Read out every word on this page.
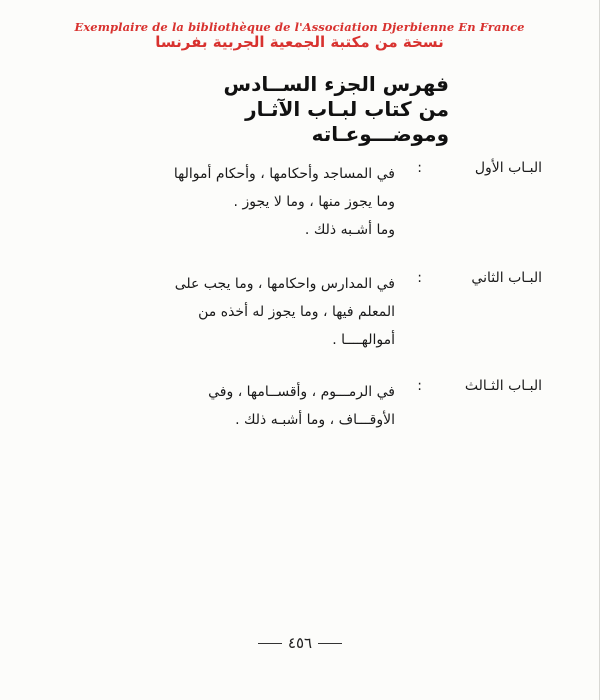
Exemplaire de la bibliothèque de l'Association Djerbienne En France
نسخة من مكتبة الجمعية الجربية بفرنسا
فهرس الجزء الســادس
من كتاب لبـاب الآثـار
وموضـــوعـاته
البـاب الأول
:
في المساجد وأحكامها ، وأحكام أموالها
وما يجوز منها ، وما لا يجوز .
وما أشـبه ذلك .
البـاب الثاني
:
في المدارس واحكامها ، وما يجب على
المعلم فيها ، وما يجوز له أخذه من
أموالهــــا .
البـاب الثـالث
:
في الرمـــوم ، وأقســامها ، وفي
الأوقـــاف ، وما أشبـه ذلك .
٤٥٦
